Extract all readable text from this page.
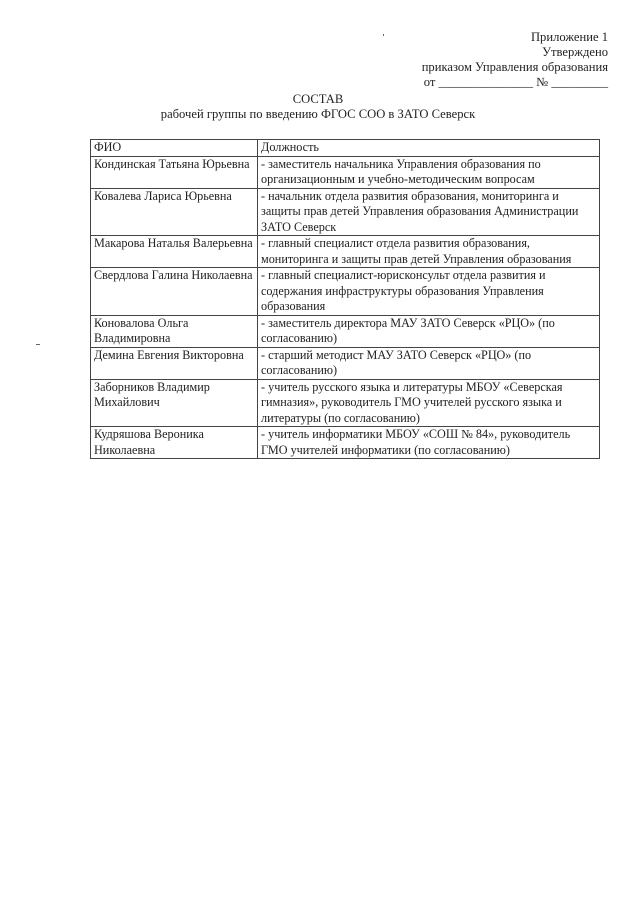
Приложение 1
Утверждено
приказом Управления образования
от _______________ № _________
СОСТАВ
рабочей группы по введению ФГОС СОО в ЗАТО Северск
ФИО	Должность
Кондинская Татьяна Юрьевна	- заместитель начальника Управления образования по организационным и учебно-методическим вопросам
Ковалева Лариса Юрьевна	- начальник отдела развития образования, мониторинга и защиты прав детей Управления образования Администрации ЗАТО Северск
Макарова Наталья Валерьевна	- главный специалист отдела развития образования, мониторинга и защиты прав детей Управления образования
Свердлова Галина Николаевна	- главный специалист-юрисконсульт отдела развития и содержания инфраструктуры образования Управления образования
Коновалова Ольга Владимировна	- заместитель директора МАУ ЗАТО Северск «РЦО» (по согласованию)
Демина Евгения Викторовна	- старший методист МАУ ЗАТО Северск «РЦО» (по согласованию)
Заборников Владимир Михайлович	- учитель русского языка и литературы МБОУ «Северская гимназия», руководитель ГМО учителей русского языка и литературы (по согласованию)
Кудряшова Вероника Николаевна	- учитель информатики МБОУ «СОШ № 84», руководитель ГМО учителей информатики (по согласованию)
